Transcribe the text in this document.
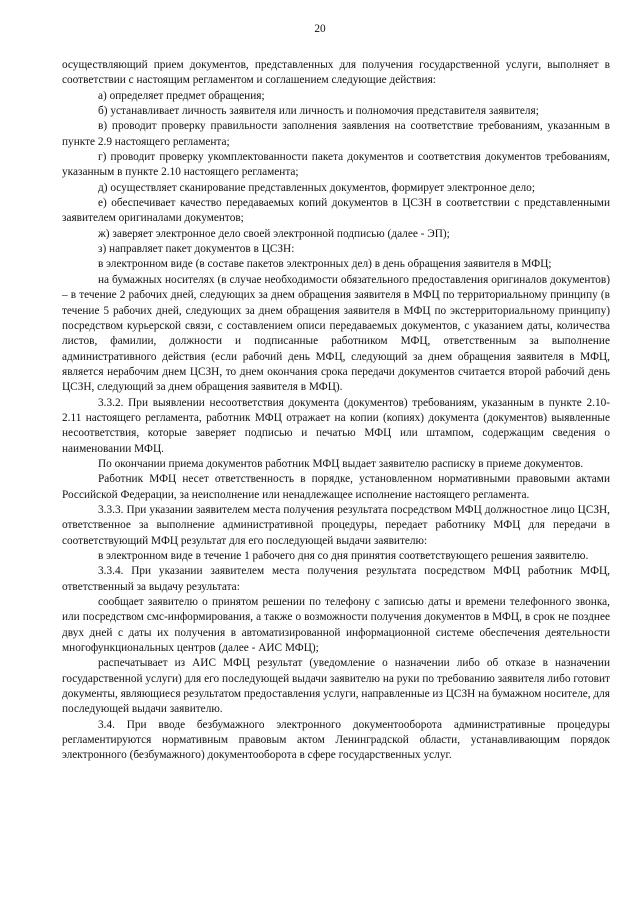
20

осуществляющий прием документов, представленных для получения государственной услуги, выполняет в соответствии с настоящим регламентом и соглашением следующие действия:

а) определяет предмет обращения;

б) устанавливает личность заявителя или личность и полномочия представителя заявителя;

в) проводит проверку правильности заполнения заявления на соответствие требованиям, указанным в пункте 2.9 настоящего регламента;

г) проводит проверку укомплектованности пакета документов и соответствия документов требованиям, указанным в пункте 2.10 настоящего регламента;

д) осуществляет сканирование представленных документов, формирует электронное дело;

е) обеспечивает качество передаваемых копий документов в ЦСЗН в соответствии с представленными заявителем оригиналами документов;

ж) заверяет электронное дело своей электронной подписью (далее - ЭП);

з) направляет пакет документов в ЦСЗН:

в электронном виде (в составе пакетов электронных дел) в день обращения заявителя в МФЦ;

на бумажных носителях (в случае необходимости обязательного предоставления оригиналов документов) – в течение 2 рабочих дней, следующих за днем обращения заявителя в МФЦ по территориальному принципу (в течение 5 рабочих дней, следующих за днем обращения заявителя в МФЦ по экстерриториальному принципу) посредством курьерской связи, с составлением описи передаваемых документов, с указанием даты, количества листов, фамилии, должности и подписанные работником МФЦ, ответственным за выполнение административного действия (если рабочий день МФЦ, следующий за днем обращения заявителя в МФЦ, является нерабочим днем ЦСЗН, то днем окончания срока передачи документов считается второй рабочий день ЦСЗН, следующий за днем обращения заявителя в МФЦ).

3.3.2. При выявлении несоответствия документа (документов) требованиям, указанным в пункте 2.10-2.11 настоящего регламента, работник МФЦ отражает на копии (копиях) документа (документов) выявленные несоответствия, которые заверяет подписью и печатью МФЦ или штампом, содержащим сведения о наименовании МФЦ.

По окончании приема документов работник МФЦ выдает заявителю расписку в приеме документов.

Работник МФЦ несет ответственность в порядке, установленном нормативными правовыми актами Российской Федерации, за неисполнение или ненадлежащее исполнение настоящего регламента.

3.3.3. При указании заявителем места получения результата посредством МФЦ должностное лицо ЦСЗН, ответственное за выполнение административной процедуры, передает работнику МФЦ для передачи в соответствующий МФЦ результат для его последующей выдачи заявителю:

в электронном виде в течение 1 рабочего дня со дня принятия соответствующего решения заявителю.

3.3.4. При указании заявителем места получения результата посредством МФЦ работник МФЦ, ответственный за выдачу результата:

сообщает заявителю о принятом решении по телефону с записью даты и времени телефонного звонка, или посредством смс-информирования, а также о возможности получения документов в МФЦ, в срок не позднее двух дней с даты их получения в автоматизированной информационной системе обеспечения деятельности многофункциональных центров (далее - АИС МФЦ);

распечатывает из АИС МФЦ результат (уведомление о назначении либо об отказе в назначении государственной услуги) для его последующей выдачи заявителю на руки по требованию заявителя либо готовит документы, являющиеся результатом предоставления услуги, направленные из ЦСЗН на бумажном носителе, для последующей выдачи заявителю.

3.4. При вводе безбумажного электронного документооборота административные процедуры регламентируются нормативным правовым актом Ленинградской области, устанавливающим порядок электронного (безбумажного) документооборота в сфере государственных услуг.
